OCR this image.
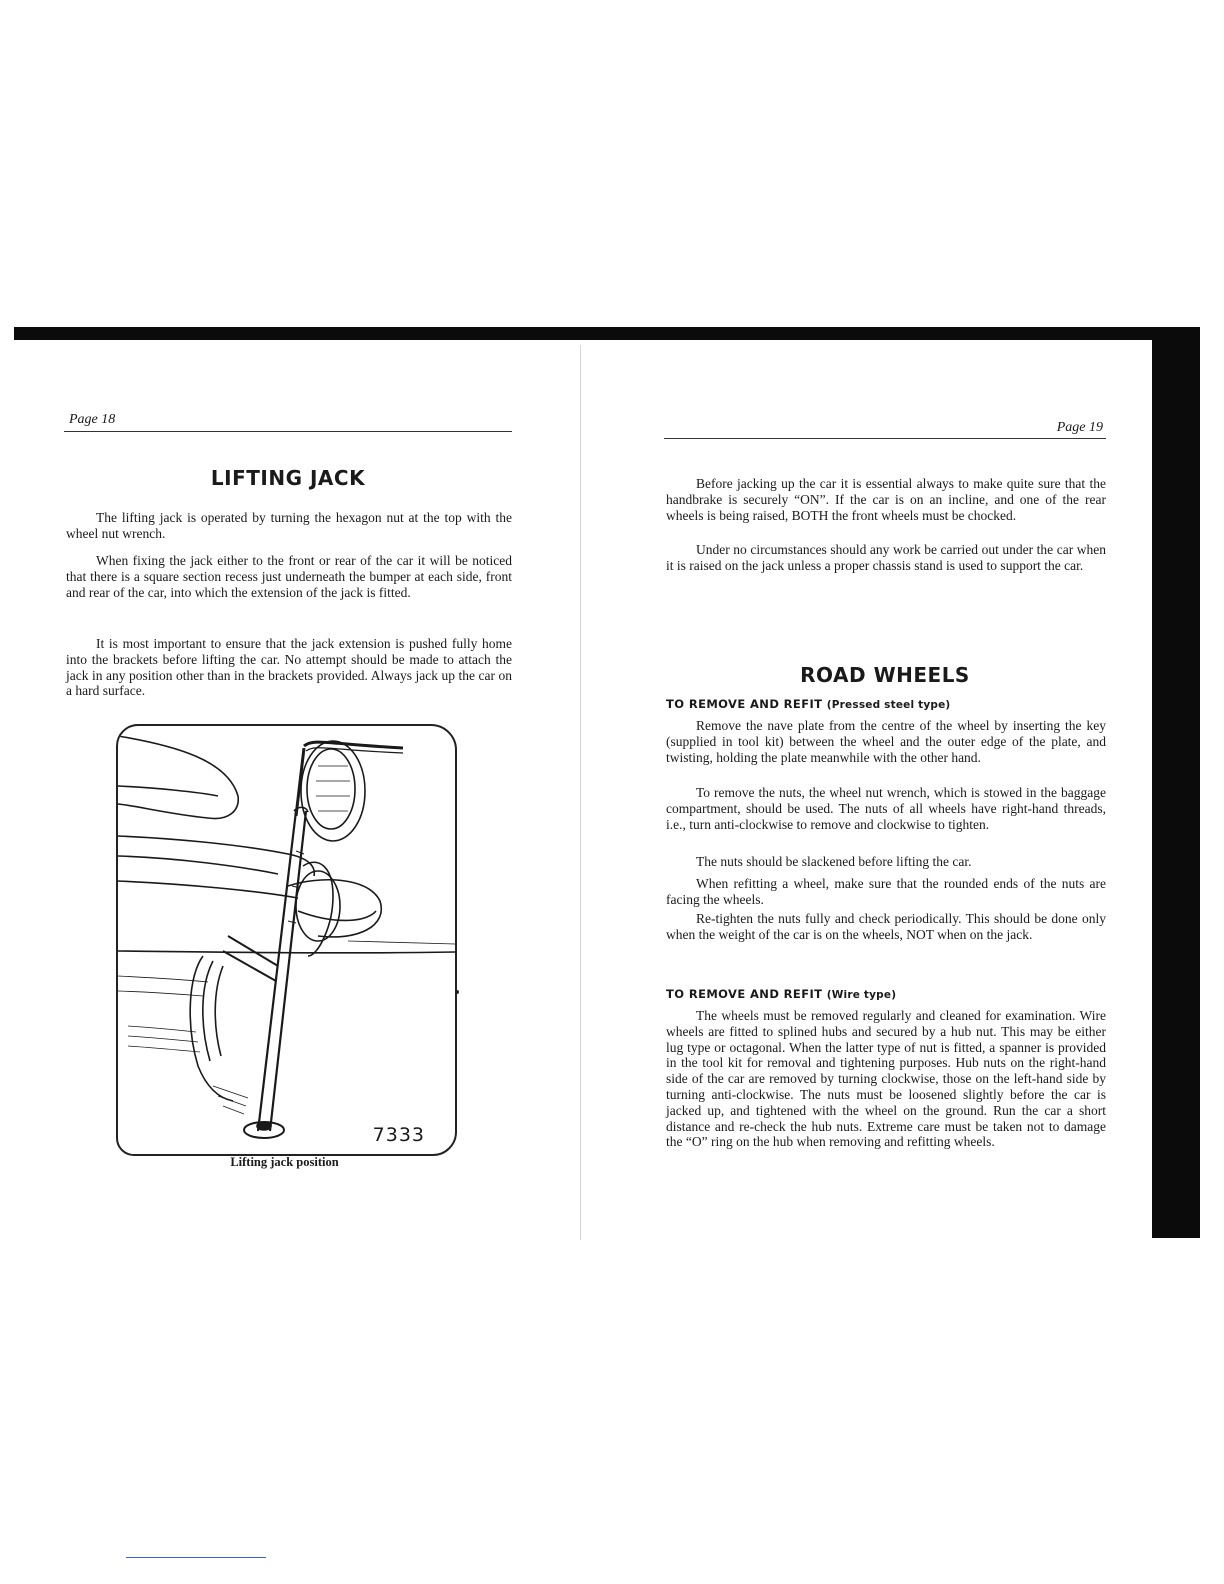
Page 18
LIFTING JACK

The lifting jack is operated by turning the hexagon nut at the top with the wheel nut wrench.

When fixing the jack either to the front or rear of the car it will be noticed that there is a square section recess just underneath the bumper at each side, front and rear of the car, into which the extension of the jack is fitted.

It is most important to ensure that the jack extension is pushed fully home into the brackets before lifting the car. No attempt should be made to attach the jack in any position other than in the brackets provided. Always jack up the car on a hard surface.

7333
Lifting jack position
Page 19

Before jacking up the car it is essential always to make quite sure that the handbrake is securely “ON”. If the car is on an incline, and one of the rear wheels is being raised, BOTH the front wheels must be chocked.

Under no circumstances should any work be carried out under the car when it is raised on the jack unless a proper chassis stand is used to support the car.

ROAD WHEELS
TO REMOVE AND REFIT (Pressed steel type)

Remove the nave plate from the centre of the wheel by inserting the key (supplied in tool kit) between the wheel and the outer edge of the plate, and twisting, holding the plate meanwhile with the other hand.

To remove the nuts, the wheel nut wrench, which is stowed in the baggage compartment, should be used. The nuts of all wheels have right-hand threads, i.e., turn anti-clockwise to remove and clockwise to tighten.

The nuts should be slackened before lifting the car.

When refitting a wheel, make sure that the rounded ends of the nuts are facing the wheels.

Re-tighten the nuts fully and check periodically. This should be done only when the weight of the car is on the wheels, NOT when on the jack.

TO REMOVE AND REFIT (Wire type)

The wheels must be removed regularly and cleaned for examination. Wire wheels are fitted to splined hubs and secured by a hub nut. This may be either lug type or octagonal. When the latter type of nut is fitted, a spanner is provided in the tool kit for removal and tightening purposes. Hub nuts on the right-hand side of the car are removed by turning clockwise, those on the left-hand side by turning anti-clockwise. The nuts must be loosened slightly before the car is jacked up, and tightened with the wheel on the ground. Run the car a short distance and re-check the hub nuts. Extreme care must be taken not to damage the “O” ring on the hub when removing and refitting wheels.
